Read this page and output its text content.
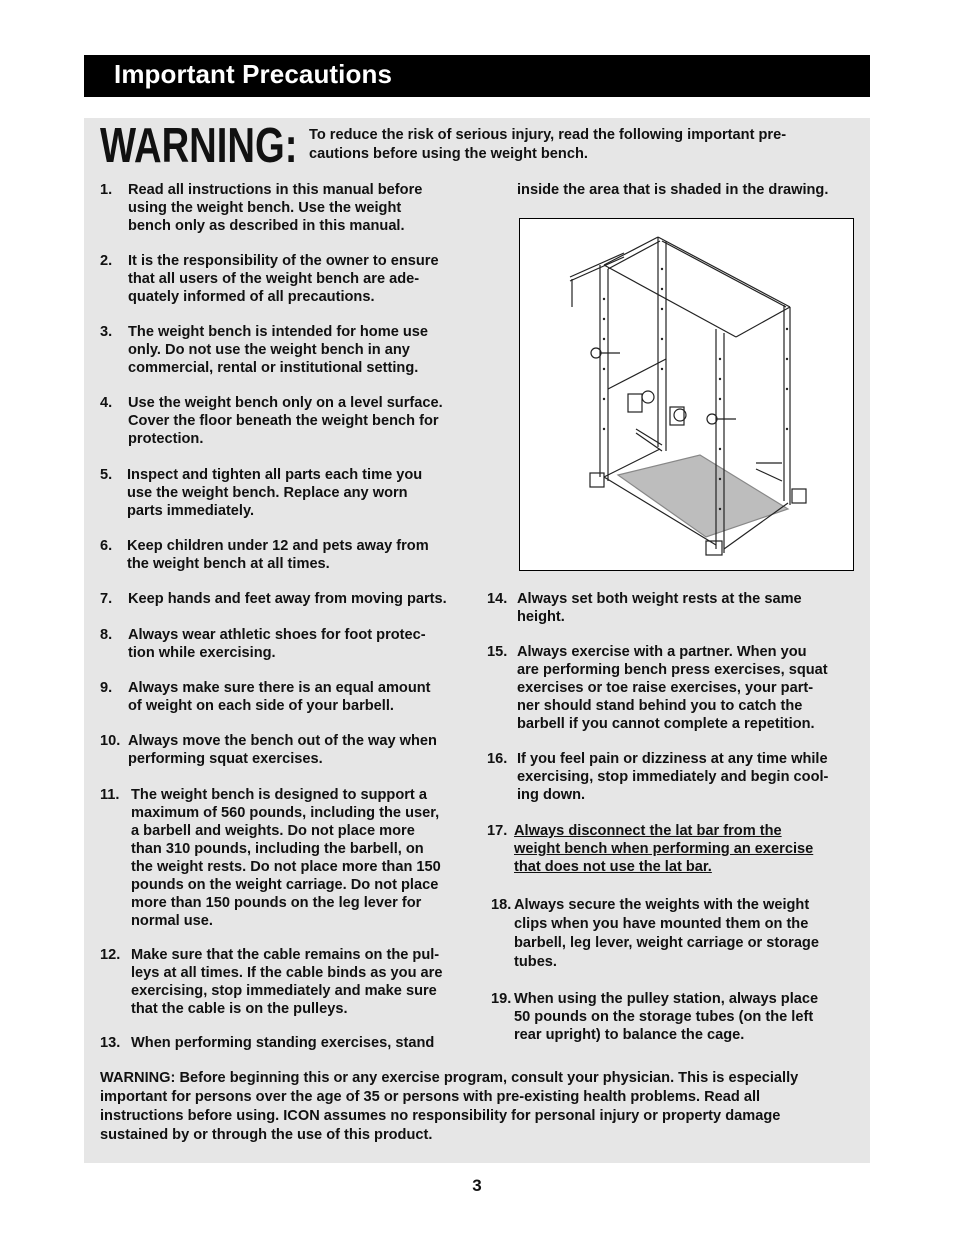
Important Precautions
WARNING: To reduce the risk of serious injury, read the following important pre-
cautions before using the weight bench.
1. Read all instructions in this manual before
using the weight bench. Use the weight
bench only as described in this manual.
2. It is the responsibility of the owner to ensure
that all users of the weight bench are ade-
quately informed of all precautions.
3. The weight bench is intended for home use
only. Do not use the weight bench in any
commercial, rental or institutional setting.
4. Use the weight bench only on a level surface.
Cover the floor beneath the weight bench for
protection.
5. Inspect and tighten all parts each time you
use the weight bench. Replace any worn
parts immediately.
6. Keep children under 12 and pets away from
the weight bench at all times.
7. Keep hands and feet away from moving parts.
8. Always wear athletic shoes for foot protec-
tion while exercising.
9. Always make sure there is an equal amount
of weight on each side of your barbell.
10. Always move the bench out of the way when
performing squat exercises.
11. The weight bench is designed to support a
maximum of 560 pounds, including the user,
a barbell and weights. Do not place more
than 310 pounds, including the barbell, on
the weight rests. Do not place more than 150
pounds on the weight carriage. Do not place
more than 150 pounds on the leg lever for
normal use.
12. Make sure that the cable remains on the pul-
leys at all times. If the cable binds as you are
exercising, stop immediately and make sure
that the cable is on the pulleys.
13. When performing standing exercises, stand
inside the area that is shaded in the drawing.
14. Always set both weight rests at the same
height.
15. Always exercise with a partner. When you
are performing bench press exercises, squat
exercises or toe raise exercises, your part-
ner should stand behind you to catch the
barbell if you cannot complete a repetition.
16. If you feel pain or dizziness at any time while
exercising, stop immediately and begin cool-
ing down.
17. Always disconnect the lat bar from the
weight bench when performing an exercise
that does not use the lat bar.
18. Always secure the weights with the weight
clips when you have mounted them on the
barbell, leg lever, weight carriage or storage
tubes.
19. When using the pulley station, always place
50 pounds on the storage tubes (on the left
rear upright) to balance the cage.
WARNING: Before beginning this or any exercise program, consult your physician. This is especially
important for persons over the age of 35 or persons with pre-existing health problems. Read all
instructions before using. ICON assumes no responsibility for personal injury or property damage
sustained by or through the use of this product.
3
